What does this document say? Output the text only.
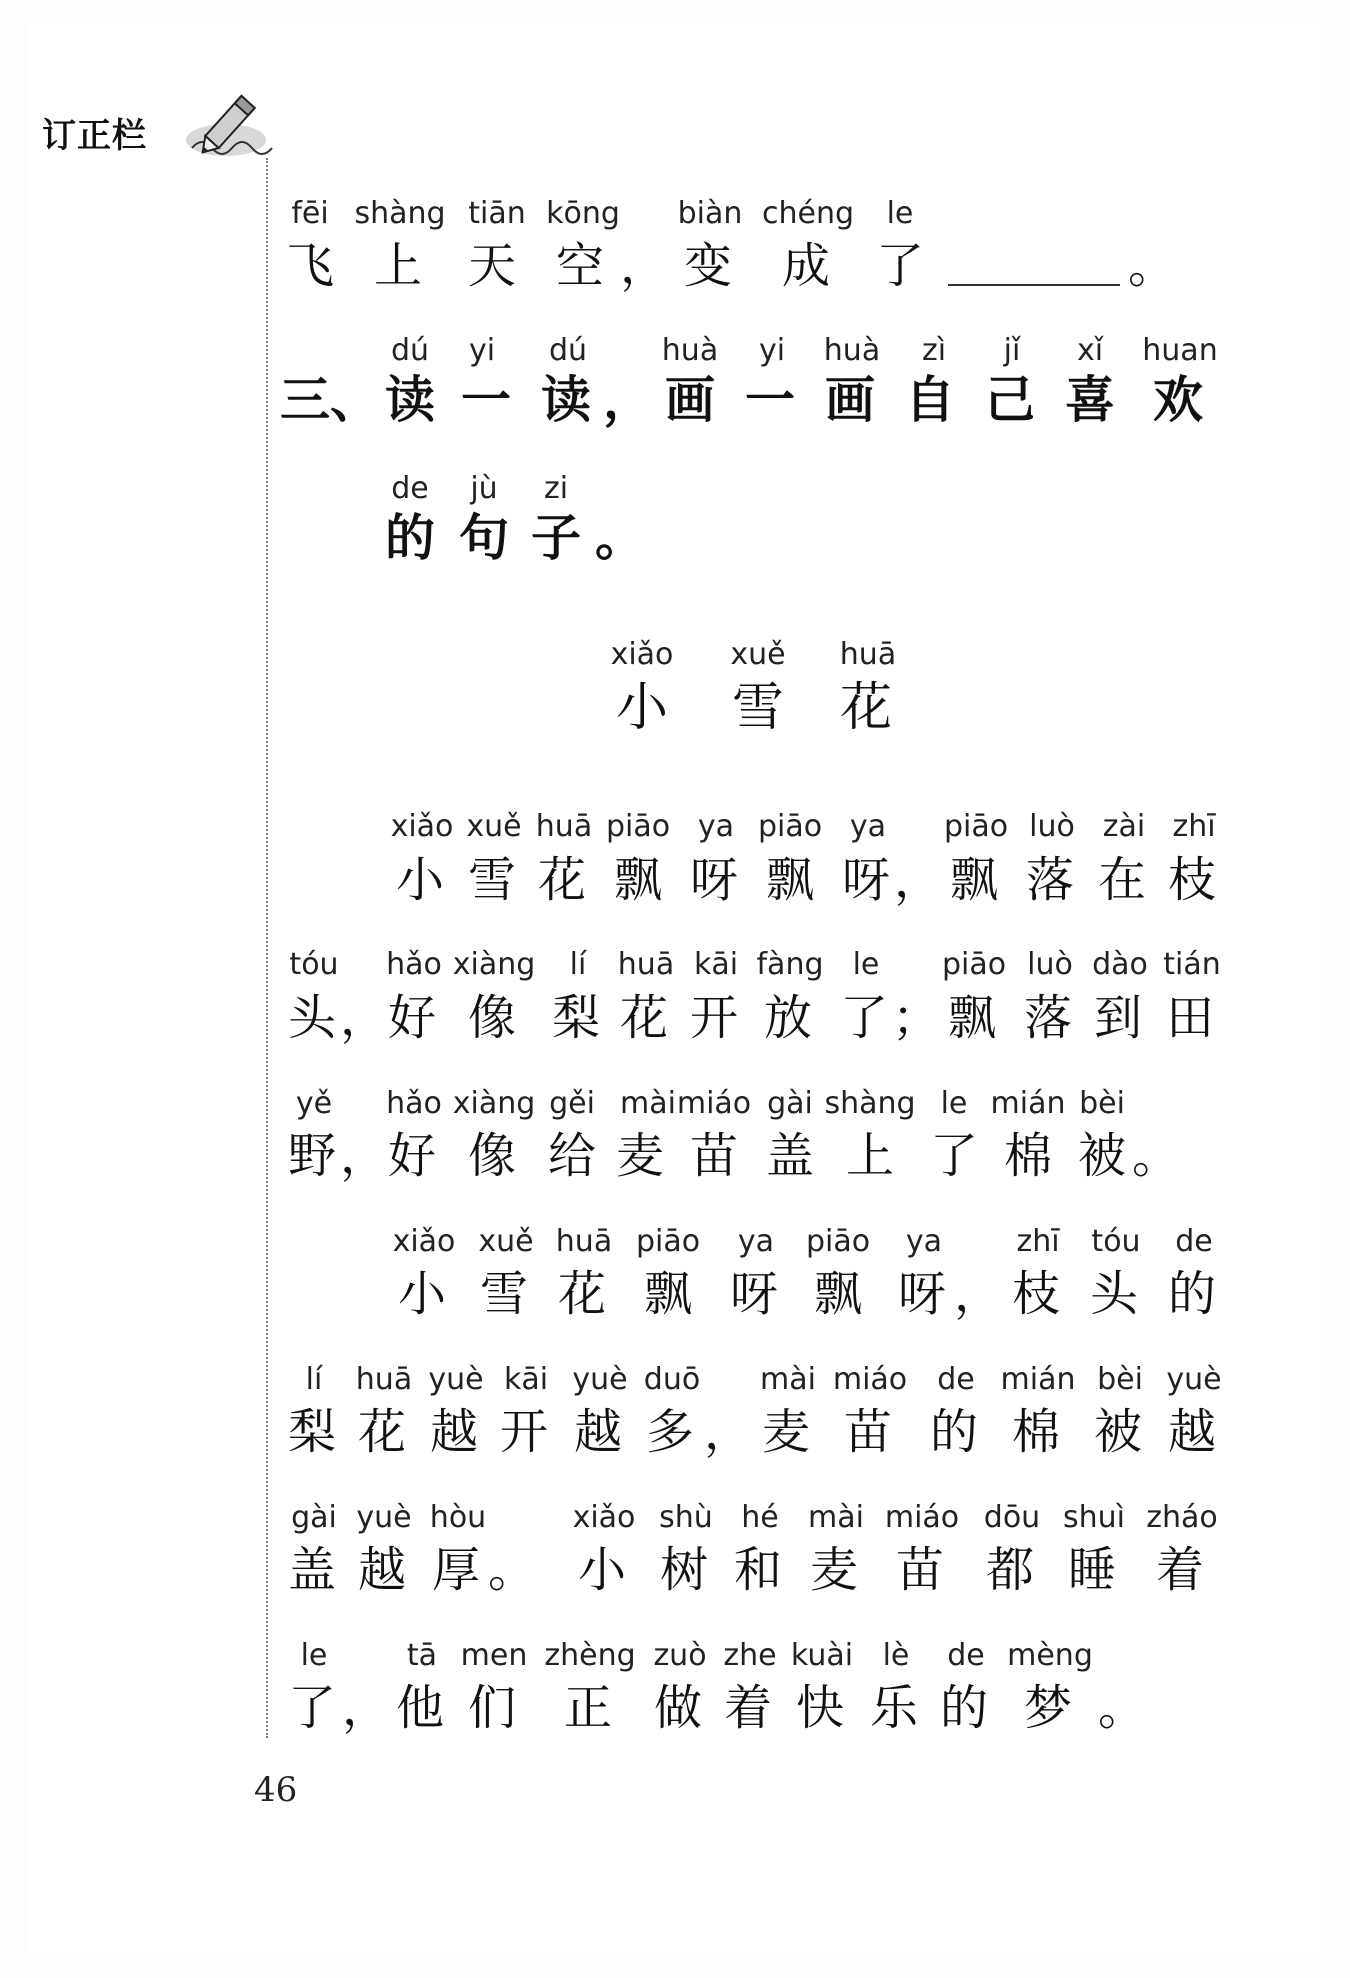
订正栏
fēi shàng tiān kōng biàn chéng le
飞 上 天 空 ， 变 成 了	。
dú yi dú huà yi huà zì jǐ xǐ huan
三、 读 一 读 ， 画 一 画 自 己 喜 欢
de jù zi
的 句 子 。
xiǎo xuě huā
小 雪 花
xiǎo xuě huā piāo ya piāo ya piāo luò zài zhī
小 雪 花 飘 呀 飘 呀 ， 飘 落 在 枝
tóu hǎo xiàng lí huā kāi fàng le piāo luò dào tián
头 ， 好 像 梨 花 开 放 了 ； 飘 落 到 田
yě hǎo xiàng gěi mài miáo gài shàng le mián bèi
野 ， 好 像 给 麦 苗 盖 上 了 棉 被 。
xiǎo xuě huā piāo ya piāo ya zhī tóu de
小 雪 花 飘 呀 飘 呀 ， 枝 头 的
lí huā yuè kāi yuè duō mài miáo de mián bèi yuè
梨 花 越 开 越 多 ， 麦 苗 的 棉 被 越
gài yuè hòu	xiǎo shù hé mài miáo dōu shuì zháo
盖 越 厚 。 小 树 和 麦 苗 都 睡 着
le	tā men zhèng zuò zhe kuài lè de mèng
了 ， 他 们 正 做 着 快 乐 的 梦 。
46
